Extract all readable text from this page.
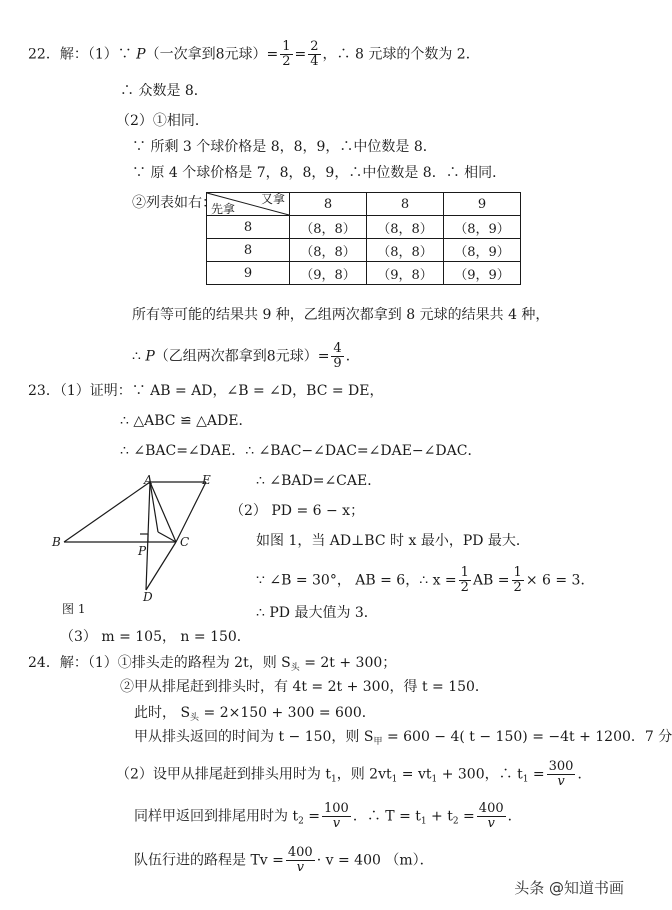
22．解：（1）∵ P（一次拿到8元球）= $\frac{1}{2} = \frac{2}{4}$ ，∴ 8 元球的个数为 2．
∴ 众数是 8．
（2）①相同．
∵ 所剩 3 个球价格是 8，8，9，∴中位数是 8．
∵ 原 4 个球价格是 7，8，8，9，∴中位数是 8．∴ 相同．
②列表如右：	又拿
先拿	8	8	9
8	（8，8）	（8，8）	（8，9）
8	（8，8）	（8，8）	（8，9）
9	（9，8）	（9，8）	（9，9）
所有等可能的结果共 9 种，乙组两次都拿到 8 元球的结果共 4 种，
∴ P（乙组两次都拿到8元球）= $\frac{4}{9}$ ．
23．（1）证明：∵ AB = AD，∠B = ∠D，BC = DE，
∴ △ABC ≌ △ADE．
∴ ∠BAC=∠DAE．∴ ∠BAC−∠DAC=∠DAE−∠DAC．
∴ ∠BAD=∠CAE．
（2） PD = 6 − x；
如图 1，当 AD⊥BC 时 x 最小，PD 最大．
∵ ∠B = 30°， AB = 6，∴ $x = \frac{1}{2}$ AB = $\frac{1}{2} \times 6 = 3$．
∴ PD 最大值为 3．
A	E
B
P
C
D
图 1
（3） m = 105， n = 150．
24．解：（1）①排头走的路程为 2t，则 $S_头 = 2t + 300$；
②甲从排尾赶到排头时，有 4t = 2t + 300，得 t = 150．
此时， $S_头 = 2\times 150 + 300 = 600$．
甲从排头返回的时间为 t − 150，则 $S_甲 = 600 - 4$( t − 150) = −4t + 1200．7 分
（2）设甲从排尾赶到排头用时为 $t_1$，则 $2vt_1 = vt_1 + 300$，∴ $t_1 = \frac{300}{v}$ ．
同样甲返回到排尾用时为 $t_2 = \frac{100}{v}$ ．∴ $T = t_1 + t_2 = \frac{400}{v}$ ．
队伍行进的路程是 $Tv = \frac{400}{v} \cdot v = 400$ （m）．
头条 @知道书画
